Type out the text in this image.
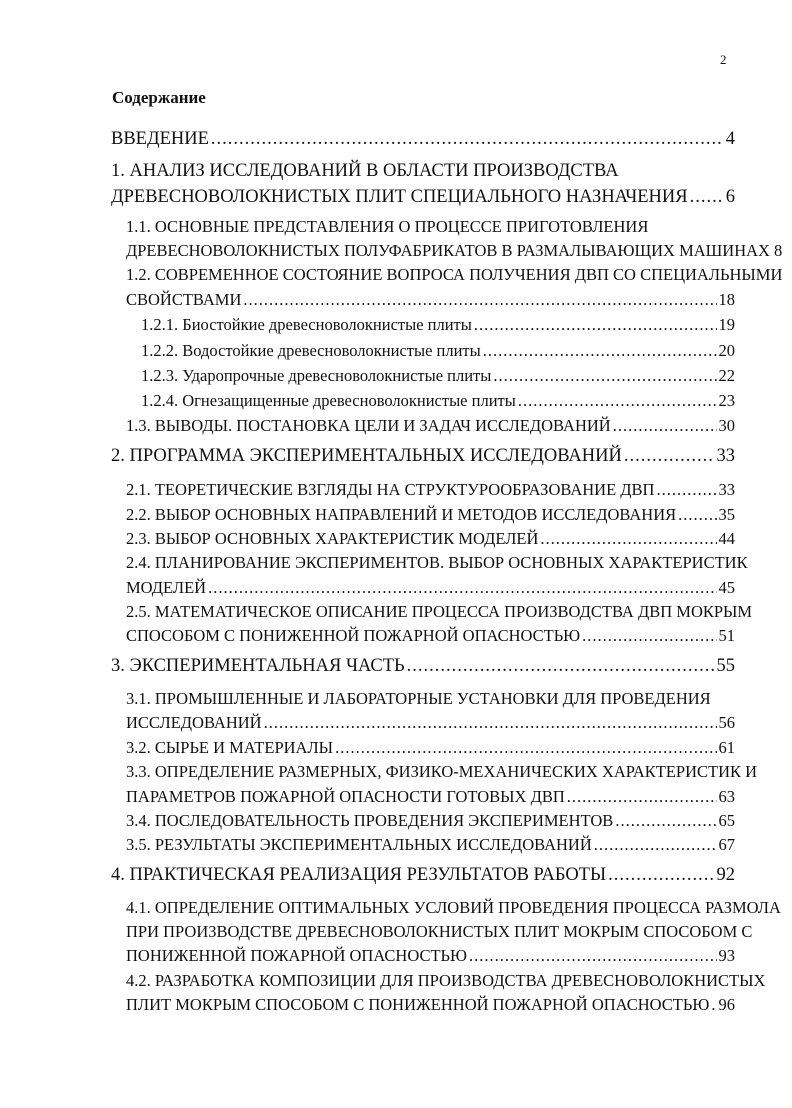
2
Содержание
ВВЕДЕНИЕ .....	4
1. АНАЛИЗ ИССЛЕДОВАНИЙ В ОБЛАСТИ ПРОИЗВОДСТВА
ДРЕВЕСНОВОЛОКНИСТЫХ ПЛИТ СПЕЦИАЛЬНОГО НАЗНАЧЕНИЯ ..... 6
1.1. ОСНОВНЫЕ ПРЕДСТАВЛЕНИЯ О ПРОЦЕССЕ ПРИГОТОВЛЕНИЯ
ДРЕВЕСНОВОЛОКНИСТЫХ ПОЛУФАБРИКАТОВ В РАЗМАЛЫВАЮЩИХ МАШИНАХ 8
1.2. СОВРЕМЕННОЕ СОСТОЯНИЕ ВОПРОСА ПОЛУЧЕНИЯ ДВП СО СПЕЦИАЛЬНЫМИ
СВОЙСТВАМИ .....	18
1.2.1. Биостойкие древесноволокнистые плиты .....	19
1.2.2. Водостойкие древесноволокнистые плиты .....	20
1.2.3. Ударопрочные древесноволокнистые плиты .....	22
1.2.4. Огнезащищенные древесноволокнистые плиты .....	23
1.3. ВЫВОДЫ. ПОСТАНОВКА ЦЕЛИ И ЗАДАЧ ИССЛЕДОВАНИЙ .....	30
2. ПРОГРАММА ЭКСПЕРИМЕНТАЛЬНЫХ ИССЛЕДОВАНИЙ .....	33
2.1. ТЕОРЕТИЧЕСКИЕ ВЗГЛЯДЫ НА СТРУКТУРООБРАЗОВАНИЕ ДВП .....	33
2.2. ВЫБОР ОСНОВНЫХ НАПРАВЛЕНИЙ И МЕТОДОВ ИССЛЕДОВАНИЯ .....	35
2.3. ВЫБОР ОСНОВНЫХ ХАРАКТЕРИСТИК МОДЕЛЕЙ .....	44
2.4. ПЛАНИРОВАНИЕ ЭКСПЕРИМЕНТОВ. ВЫБОР ОСНОВНЫХ ХАРАКТЕРИСТИК
МОДЕЛЕЙ .....	45
2.5. МАТЕМАТИЧЕСКОЕ ОПИСАНИЕ ПРОЦЕССА ПРОИЗВОДСТВА ДВП МОКРЫМ
СПОСОБОМ С ПОНИЖЕННОЙ ПОЖАРНОЙ ОПАСНОСТЬЮ .....	51
3. ЭКСПЕРИМЕНТАЛЬНАЯ ЧАСТЬ .....	55
3.1. ПРОМЫШЛЕННЫЕ И ЛАБОРАТОРНЫЕ УСТАНОВКИ ДЛЯ ПРОВЕДЕНИЯ
ИССЛЕДОВАНИЙ .....	56
3.2. СЫРЬЕ И МАТЕРИАЛЫ .....	61
3.3. ОПРЕДЕЛЕНИЕ РАЗМЕРНЫХ, ФИЗИКО-МЕХАНИЧЕСКИХ ХАРАКТЕРИСТИК И
ПАРАМЕТРОВ ПОЖАРНОЙ ОПАСНОСТИ ГОТОВЫХ ДВП .....	63
3.4. ПОСЛЕДОВАТЕЛЬНОСТЬ ПРОВЕДЕНИЯ ЭКСПЕРИМЕНТОВ .....	65
3.5. РЕЗУЛЬТАТЫ ЭКСПЕРИМЕНТАЛЬНЫХ ИССЛЕДОВАНИЙ .....	67
4. ПРАКТИЧЕСКАЯ РЕАЛИЗАЦИЯ РЕЗУЛЬТАТОВ РАБОТЫ .....	92
4.1. ОПРЕДЕЛЕНИЕ ОПТИМАЛЬНЫХ УСЛОВИЙ ПРОВЕДЕНИЯ ПРОЦЕССА РАЗМОЛА
ПРИ ПРОИЗВОДСТВЕ ДРЕВЕСНОВОЛОКНИСТЫХ ПЛИТ МОКРЫМ СПОСОБОМ С
ПОНИЖЕННОЙ ПОЖАРНОЙ ОПАСНОСТЬЮ .....	93
4.2. РАЗРАБОТКА КОМПОЗИЦИИ ДЛЯ ПРОИЗВОДСТВА ДРЕВЕСНОВОЛОКНИСТЫХ
ПЛИТ МОКРЫМ СПОСОБОМ С ПОНИЖЕННОЙ ПОЖАРНОЙ ОПАСНОСТЬЮ ..... 96
